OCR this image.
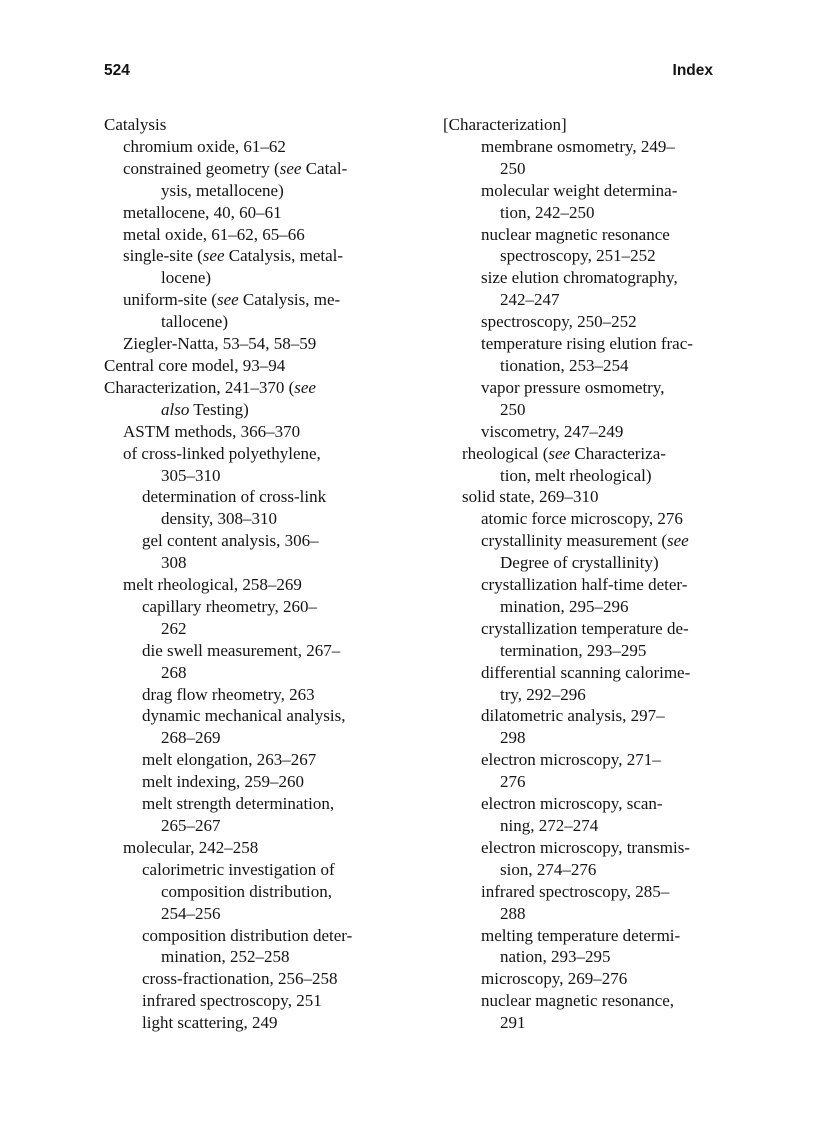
524	Index
Catalysis
chromium oxide, 61–62
constrained geometry (see Catal-
ysis, metallocene)
metallocene, 40, 60–61
metal oxide, 61–62, 65–66
single-site (see Catalysis, metal-
locene)
uniform-site (see Catalysis, me-
tallocene)
Ziegler-Natta, 53–54, 58–59
Central core model, 93–94
Characterization, 241–370 (see
also Testing)
ASTM methods, 366–370
of cross-linked polyethylene,
305–310
determination of cross-link
density, 308–310
gel content analysis, 306–
308
melt rheological, 258–269
capillary rheometry, 260–
262
die swell measurement, 267–
268
drag flow rheometry, 263
dynamic mechanical analysis,
268–269
melt elongation, 263–267
melt indexing, 259–260
melt strength determination,
265–267
molecular, 242–258
calorimetric investigation of
composition distribution,
254–256
composition distribution deter-
mination, 252–258
cross-fractionation, 256–258
infrared spectroscopy, 251
light scattering, 249
[Characterization]
membrane osmometry, 249–
250
molecular weight determina-
tion, 242–250
nuclear magnetic resonance
spectroscopy, 251–252
size elution chromatography,
242–247
spectroscopy, 250–252
temperature rising elution frac-
tionation, 253–254
vapor pressure osmometry,
250
viscometry, 247–249
rheological (see Characteriza-
tion, melt rheological)
solid state, 269–310
atomic force microscopy, 276
crystallinity measurement (see
Degree of crystallinity)
crystallization half-time deter-
mination, 295–296
crystallization temperature de-
termination, 293–295
differential scanning calorime-
try, 292–296
dilatometric analysis, 297–
298
electron microscopy, 271–
276
electron microscopy, scan-
ning, 272–274
electron microscopy, transmis-
sion, 274–276
infrared spectroscopy, 285–
288
melting temperature determi-
nation, 293–295
microscopy, 269–276
nuclear magnetic resonance,
291
